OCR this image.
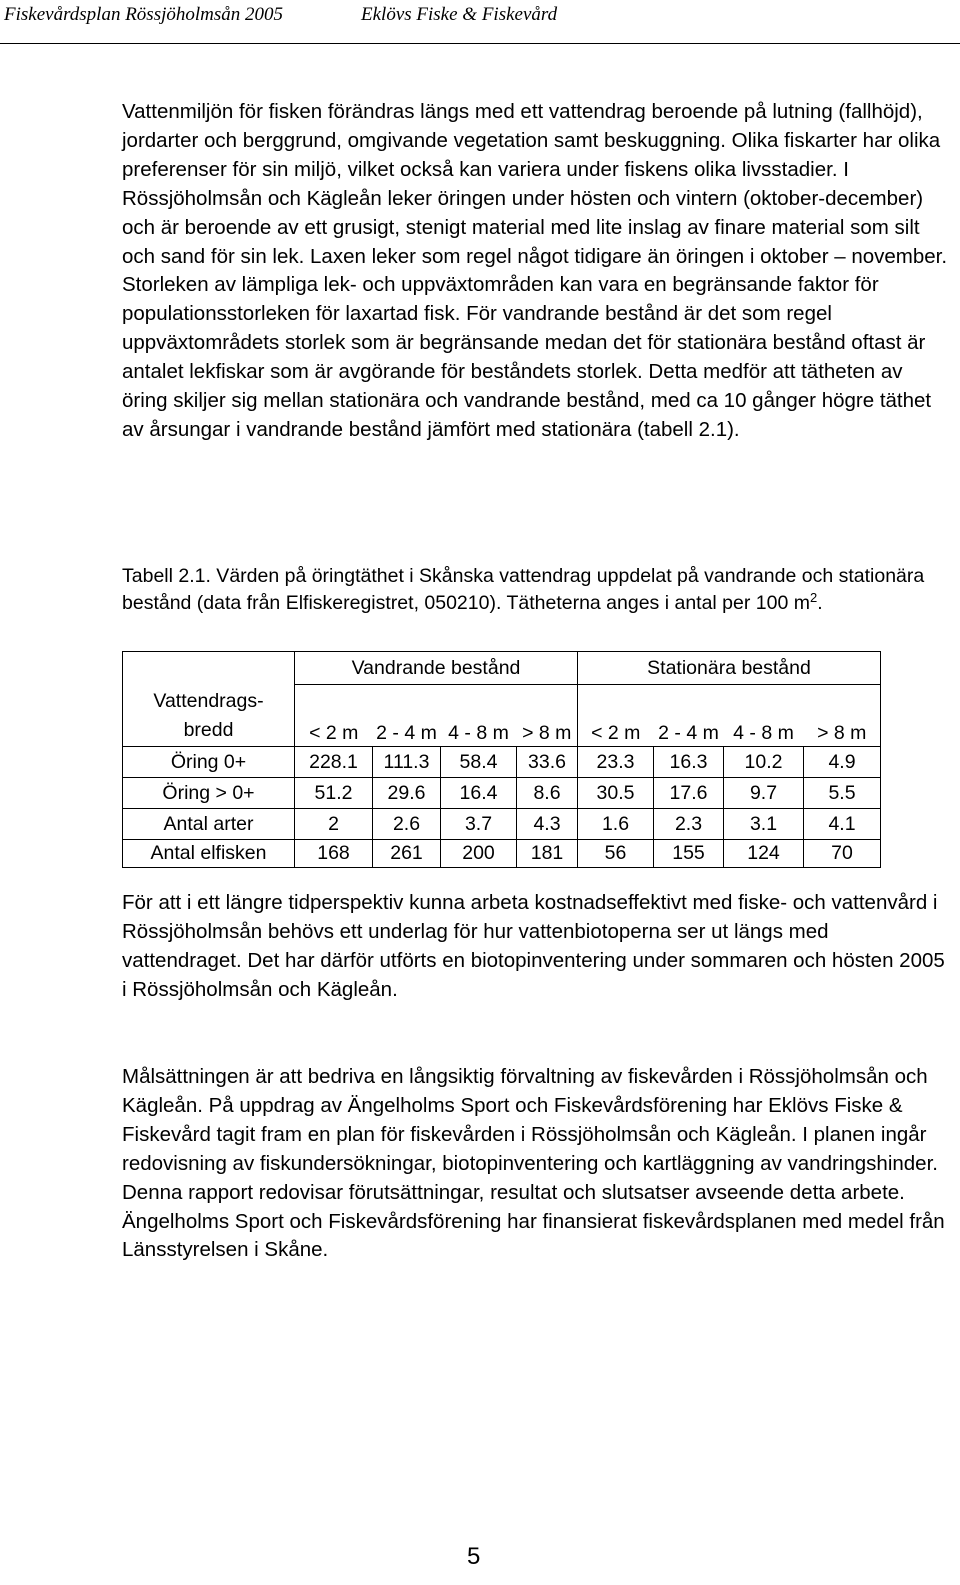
Fiskevårdsplan Rössjöholmsån 2005	Eklövs Fiske & Fiskevård

Vattenmiljön för fisken förändras längs med ett vattendrag beroende på lutning (fallhöjd), jordarter och berggrund, omgivande vegetation samt beskuggning. Olika fiskarter har olika preferenser för sin miljö, vilket också kan variera under fiskens olika livsstadier. I Rössjöholmsån och Kägleån leker öringen under hösten och vintern (oktober-december) och är beroende av ett grusigt, stenigt material med lite inslag av finare material som silt och sand för sin lek. Laxen leker som regel något tidigare än öringen i oktober – november. Storleken av lämpliga lek- och uppväxtområden kan vara en begränsande faktor för populationsstorleken för laxartad fisk. För vandrande bestånd är det som regel uppväxtområdets storlek som är begränsande medan det för stationära bestånd oftast är antalet lekfiskar som är avgörande för beståndets storlek. Detta medför att tätheten av öring skiljer sig mellan stationära och vandrande bestånd, med ca 10 gånger högre täthet av årsungar i vandrande bestånd jämfört med stationära (tabell 2.1).

Tabell 2.1. Värden på öringtäthet i Skånska vattendrag uppdelat på vandrande och stationära bestånd (data från Elfiskeregistret, 050210). Tätheterna anges i antal per 100 $m^2$.

	Vandrande bestånd				Stationära bestånd			
Vattendrags-
bredd	< 2 m	2 - 4 m	4 - 8 m	> 8 m	< 2 m	2 - 4 m	4 - 8 m	> 8 m
Öring 0+	228.1	111.3	58.4	33.6	23.3	16.3	10.2	4.9
Öring > 0+	51.2	29.6	16.4	8.6	30.5	17.6	9.7	5.5
Antal arter	2	2.6	3.7	4.3	1.6	2.3	3.1	4.1
Antal elfisken	168	261	200	181	56	155	124	70

För att i ett längre tidperspektiv kunna arbeta kostnadseffektivt med fiske- och vattenvård i Rössjöholmsån behövs ett underlag för hur vattenbiotoperna ser ut längs med vattendraget. Det har därför utförts en biotopinventering under sommaren och hösten 2005 i Rössjöholmsån och Kägleån.

Målsättningen är att bedriva en långsiktig förvaltning av fiskevården i Rössjöholmsån och Kägleån. På uppdrag av Ängelholms Sport och Fiskevårdsförening har Eklövs Fiske & Fiskevård tagit fram en plan för fiskevården i Rössjöholmsån och Kägleån. I planen ingår redovisning av fiskundersökningar, biotopinventering och kartläggning av vandringshinder. Denna rapport redovisar förutsättningar, resultat och slutsatser avseende detta arbete. Ängelholms Sport och Fiskevårdsförening har finansierat fiskevårdsplanen med medel från Länsstyrelsen i Skåne.

5
